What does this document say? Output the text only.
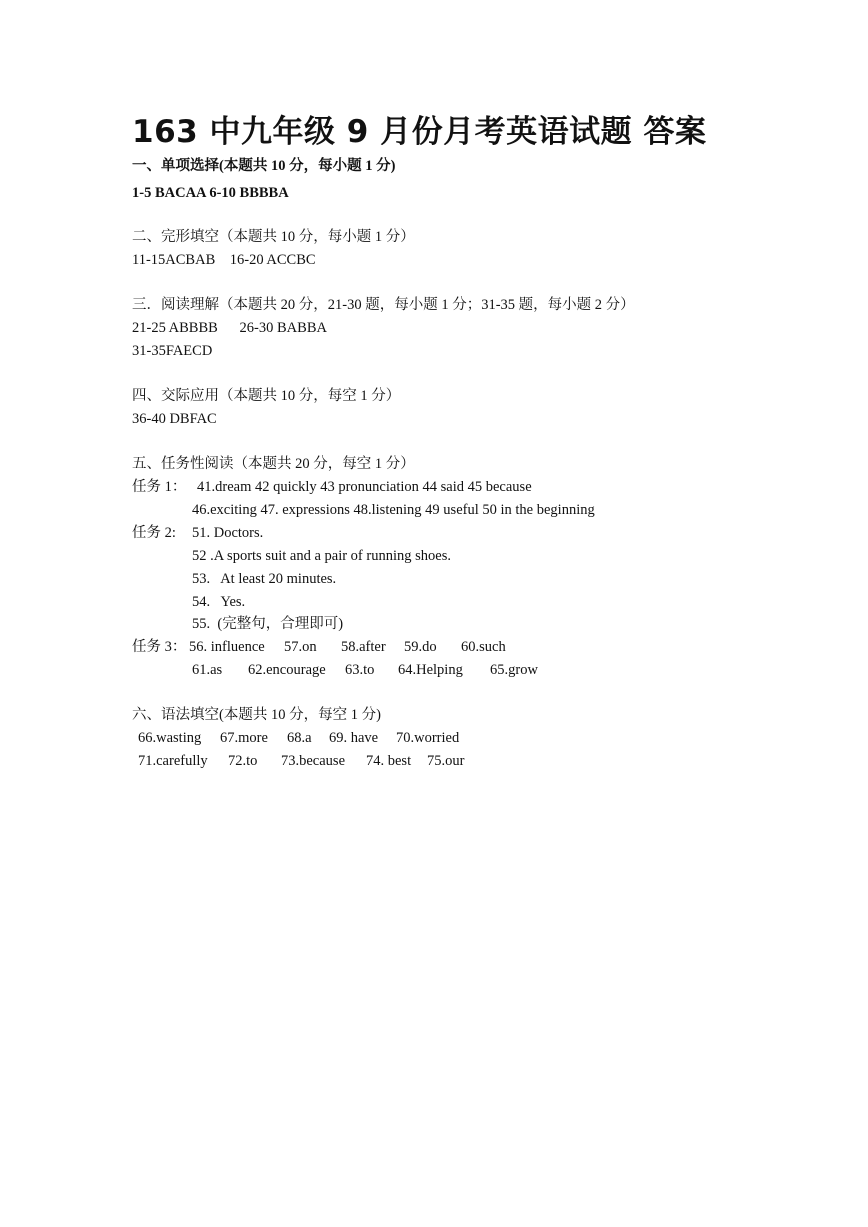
163 中九年级 9 月份月考英语试题 答案
一、单项选择(本题共 10 分，每小题 1 分)
1-5 BACAA 6-10 BBBBA
二、完形填空（本题共 10 分，每小题 1 分）
11-15ACBAB    16-20 ACCBC
三．阅读理解（本题共 20 分，21-30 题，每小题 1 分；31-35 题，每小题 2 分）
21-25 ABBBB      26-30 BABBA
31-35FAECD
四、交际应用（本题共 10 分，每空 1 分）
36-40 DBFAC
五、任务性阅读（本题共 20 分，每空 1 分）
任务 1： 41.dream 42 quickly 43 pronunciation 44 said 45 because
46.exciting 47. expressions 48.listening 49 useful 50 in the beginning
任务 2: 51. Doctors.
52 .A sports suit and a pair of running shoes.
53.   At least 20 minutes.
54.   Yes.
55.  (完整句，合理即可)
任务 3：

56. influence

57.on

58.after

59.do

60.such

61.as

62.encourage

63.to

64.Helping

65.grow

六、语法填空(本题共 10 分，每空 1 分)

66.wasting

67.more

68.a

69. have

70.worried

71.carefully

72.to

73.because

74. best

75.our
